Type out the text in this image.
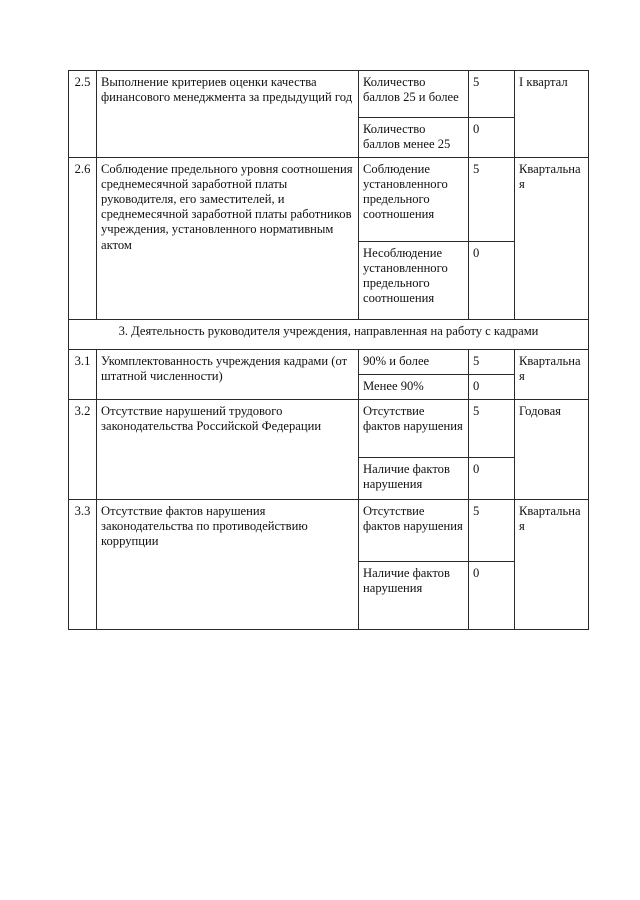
2.5	Выполнение критериев оценки качества финансового менеджмента за предыдущий год	Количество баллов 25 и более	5	I квартал
		Количество баллов менее 25	0	
2.6	Соблюдение предельного уровня соотношения среднемесячной заработной платы руководителя, его заместителей, и среднемесячной заработной платы работников учреждения, установленного нормативным актом	Соблюдение установленного предельного соотношения	5	Квартальная
		Несоблюдение установленного предельного соотношения	0	
3. Деятельность руководителя учреждения, направленная на работу с кадрами				
3.1	Укомплектованность учреждения кадрами (от штатной численности)	90% и более	5	Квартальная
		Менее 90%	0	
3.2	Отсутствие нарушений трудового законодательства Российской Федерации	Отсутствие фактов нарушения	5	Годовая
		Наличие фактов нарушения	0	
3.3	Отсутствие фактов нарушения законодательства по противодействию коррупции	Отсутствие фактов нарушения	5	Квартальная
		Наличие фактов нарушения	0	
